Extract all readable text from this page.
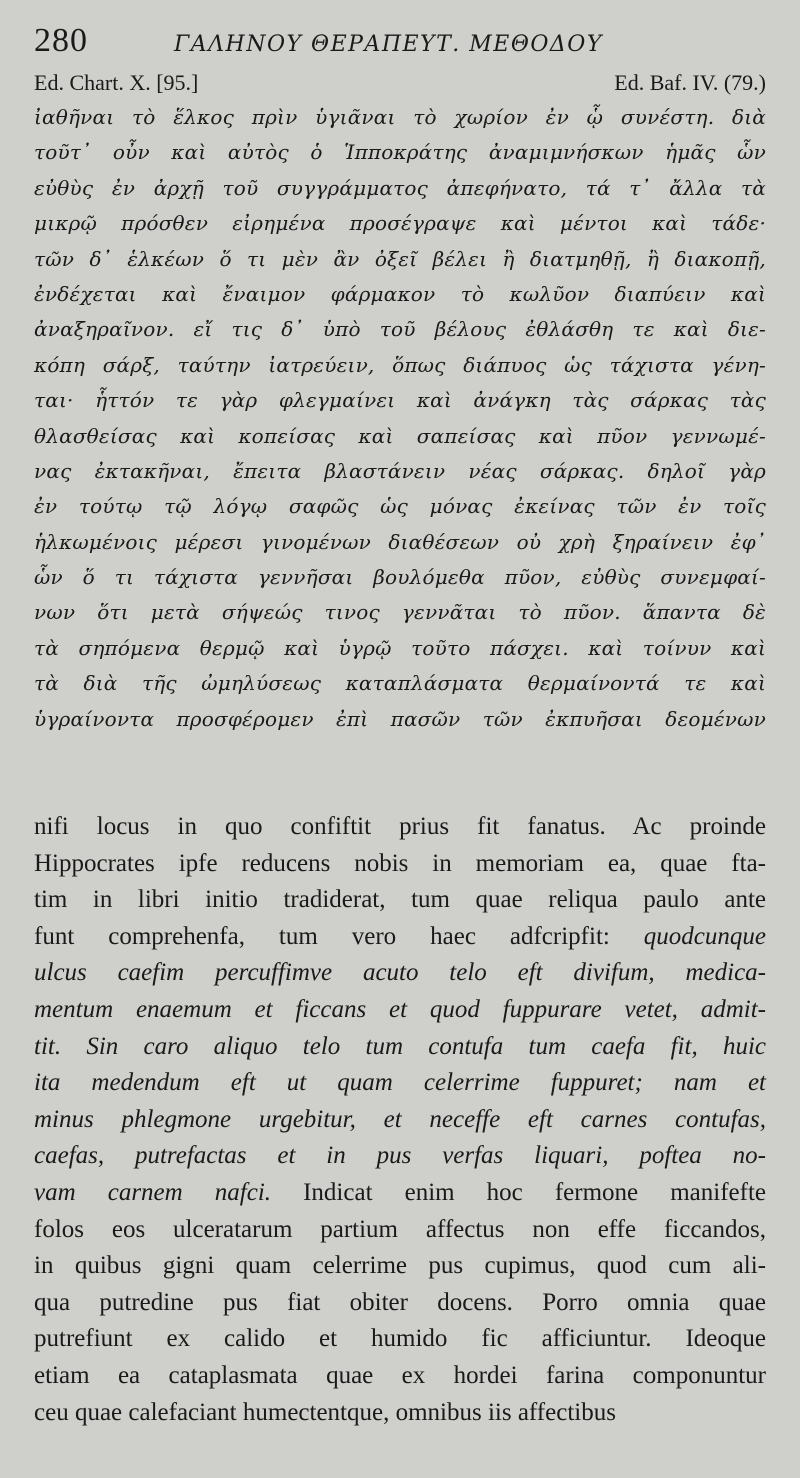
280	ΓΑΛΗΝΟΥ ΘΕΡΑΠΕΥΤ. ΜΕΘΟΔΟΥ
Ed. Chart. X. [95.]	Ed. Baf. IV. (79.)
ἰαθῆναι τὸ ἕλκος πρὶν ὑγιᾶναι τὸ χωρίον ἐν ᾧ συνέστη. διὰ
τοῦτ᾽ οὖν καὶ αὐτὸς ὁ Ἱπποκράτης ἀναμιμνήσκων ἡμᾶς ὧν
εὐθὺς ἐν ἀρχῇ τοῦ συγγράμματος ἀπεφήνατο, τά τ᾽ ἄλλα τὰ
μικρῷ πρόσθεν εἰρημένα προσέγραψε καὶ μέντοι καὶ τάδε·
τῶν δ᾽ ἑλκέων ὅ τι μὲν ἂν ὀξεῖ βέλει ἢ διατμηθῇ, ἢ διακοπῇ,
ἐνδέχεται καὶ ἔναιμον φάρμακον τὸ κωλῦον διαπύειν καὶ
ἀναξηραῖνον. εἴ τις δ᾽ ὑπὸ τοῦ βέλους ἐθλάσθη τε καὶ διε-
κόπη σάρξ, ταύτην ἰατρεύειν, ὅπως διάπυος ὡς τάχιστα γένη-
ται· ἧττόν τε γὰρ φλεγμαίνει καὶ ἀνάγκη τὰς σάρκας τὰς
θλασθείσας καὶ κοπείσας καὶ σαπείσας καὶ πῦον γεννωμέ-
νας ἐκτακῆναι, ἔπειτα βλαστάνειν νέας σάρκας. δηλοῖ γὰρ
ἐν τούτῳ τῷ λόγῳ σαφῶς ὡς μόνας ἐκείνας τῶν ἐν τοῖς
ἡλκωμένοις μέρεσι γινομένων διαθέσεων οὐ χρὴ ξηραίνειν ἐφ᾽
ὧν ὅ τι τάχιστα γεννῆσαι βουλόμεθα πῦον, εὐθὺς συνεμφαί-
νων ὅτι μετὰ σήψεώς τινος γεννᾶται τὸ πῦον. ἅπαντα δὲ
τὰ σηπόμενα θερμῷ καὶ ὑγρῷ τοῦτο πάσχει. καὶ τοίνυν καὶ
τὰ διὰ τῆς ὠμηλύσεως καταπλάσματα θερμαίνοντά τε καὶ
ὑγραίνοντα προσφέρομεν ἐπὶ πασῶν τῶν ἐκπυῆσαι δεομένων
nifi locus in quo confiftit prius fit fanatus. Ac proinde
Hippocrates ipfe reducens nobis in memoriam ea, quae fta-
tim in libri initio tradiderat, tum quae reliqua paulo ante
funt comprehenfa, tum vero haec adfcripfit: quodcunque
ulcus caefim percuffimve acuto telo eft divifum, medica-
mentum enaemum et ficcans et quod fuppurare vetet, admit-
tit. Sin caro aliquo telo tum contufa tum caefa fit, huic
ita medendum eft ut quam celerrime fuppuret; nam et
minus phlegmone urgebitur, et neceffe eft carnes contufas,
caefas, putrefactas et in pus verfas liquari, poftea no-
vam carnem nafci. Indicat enim hoc fermone manifefte
folos eos ulceratarum partium affectus non effe ficcandos,
in quibus gigni quam celerrime pus cupimus, quod cum ali-
qua putredine pus fiat obiter docens. Porro omnia quae
putrefiunt ex calido et humido fic afficiuntur. Ideoque
etiam ea cataplasmata quae ex hordei farina componuntur
ceu quae calefaciant humectentque, omnibus iis affectibus
